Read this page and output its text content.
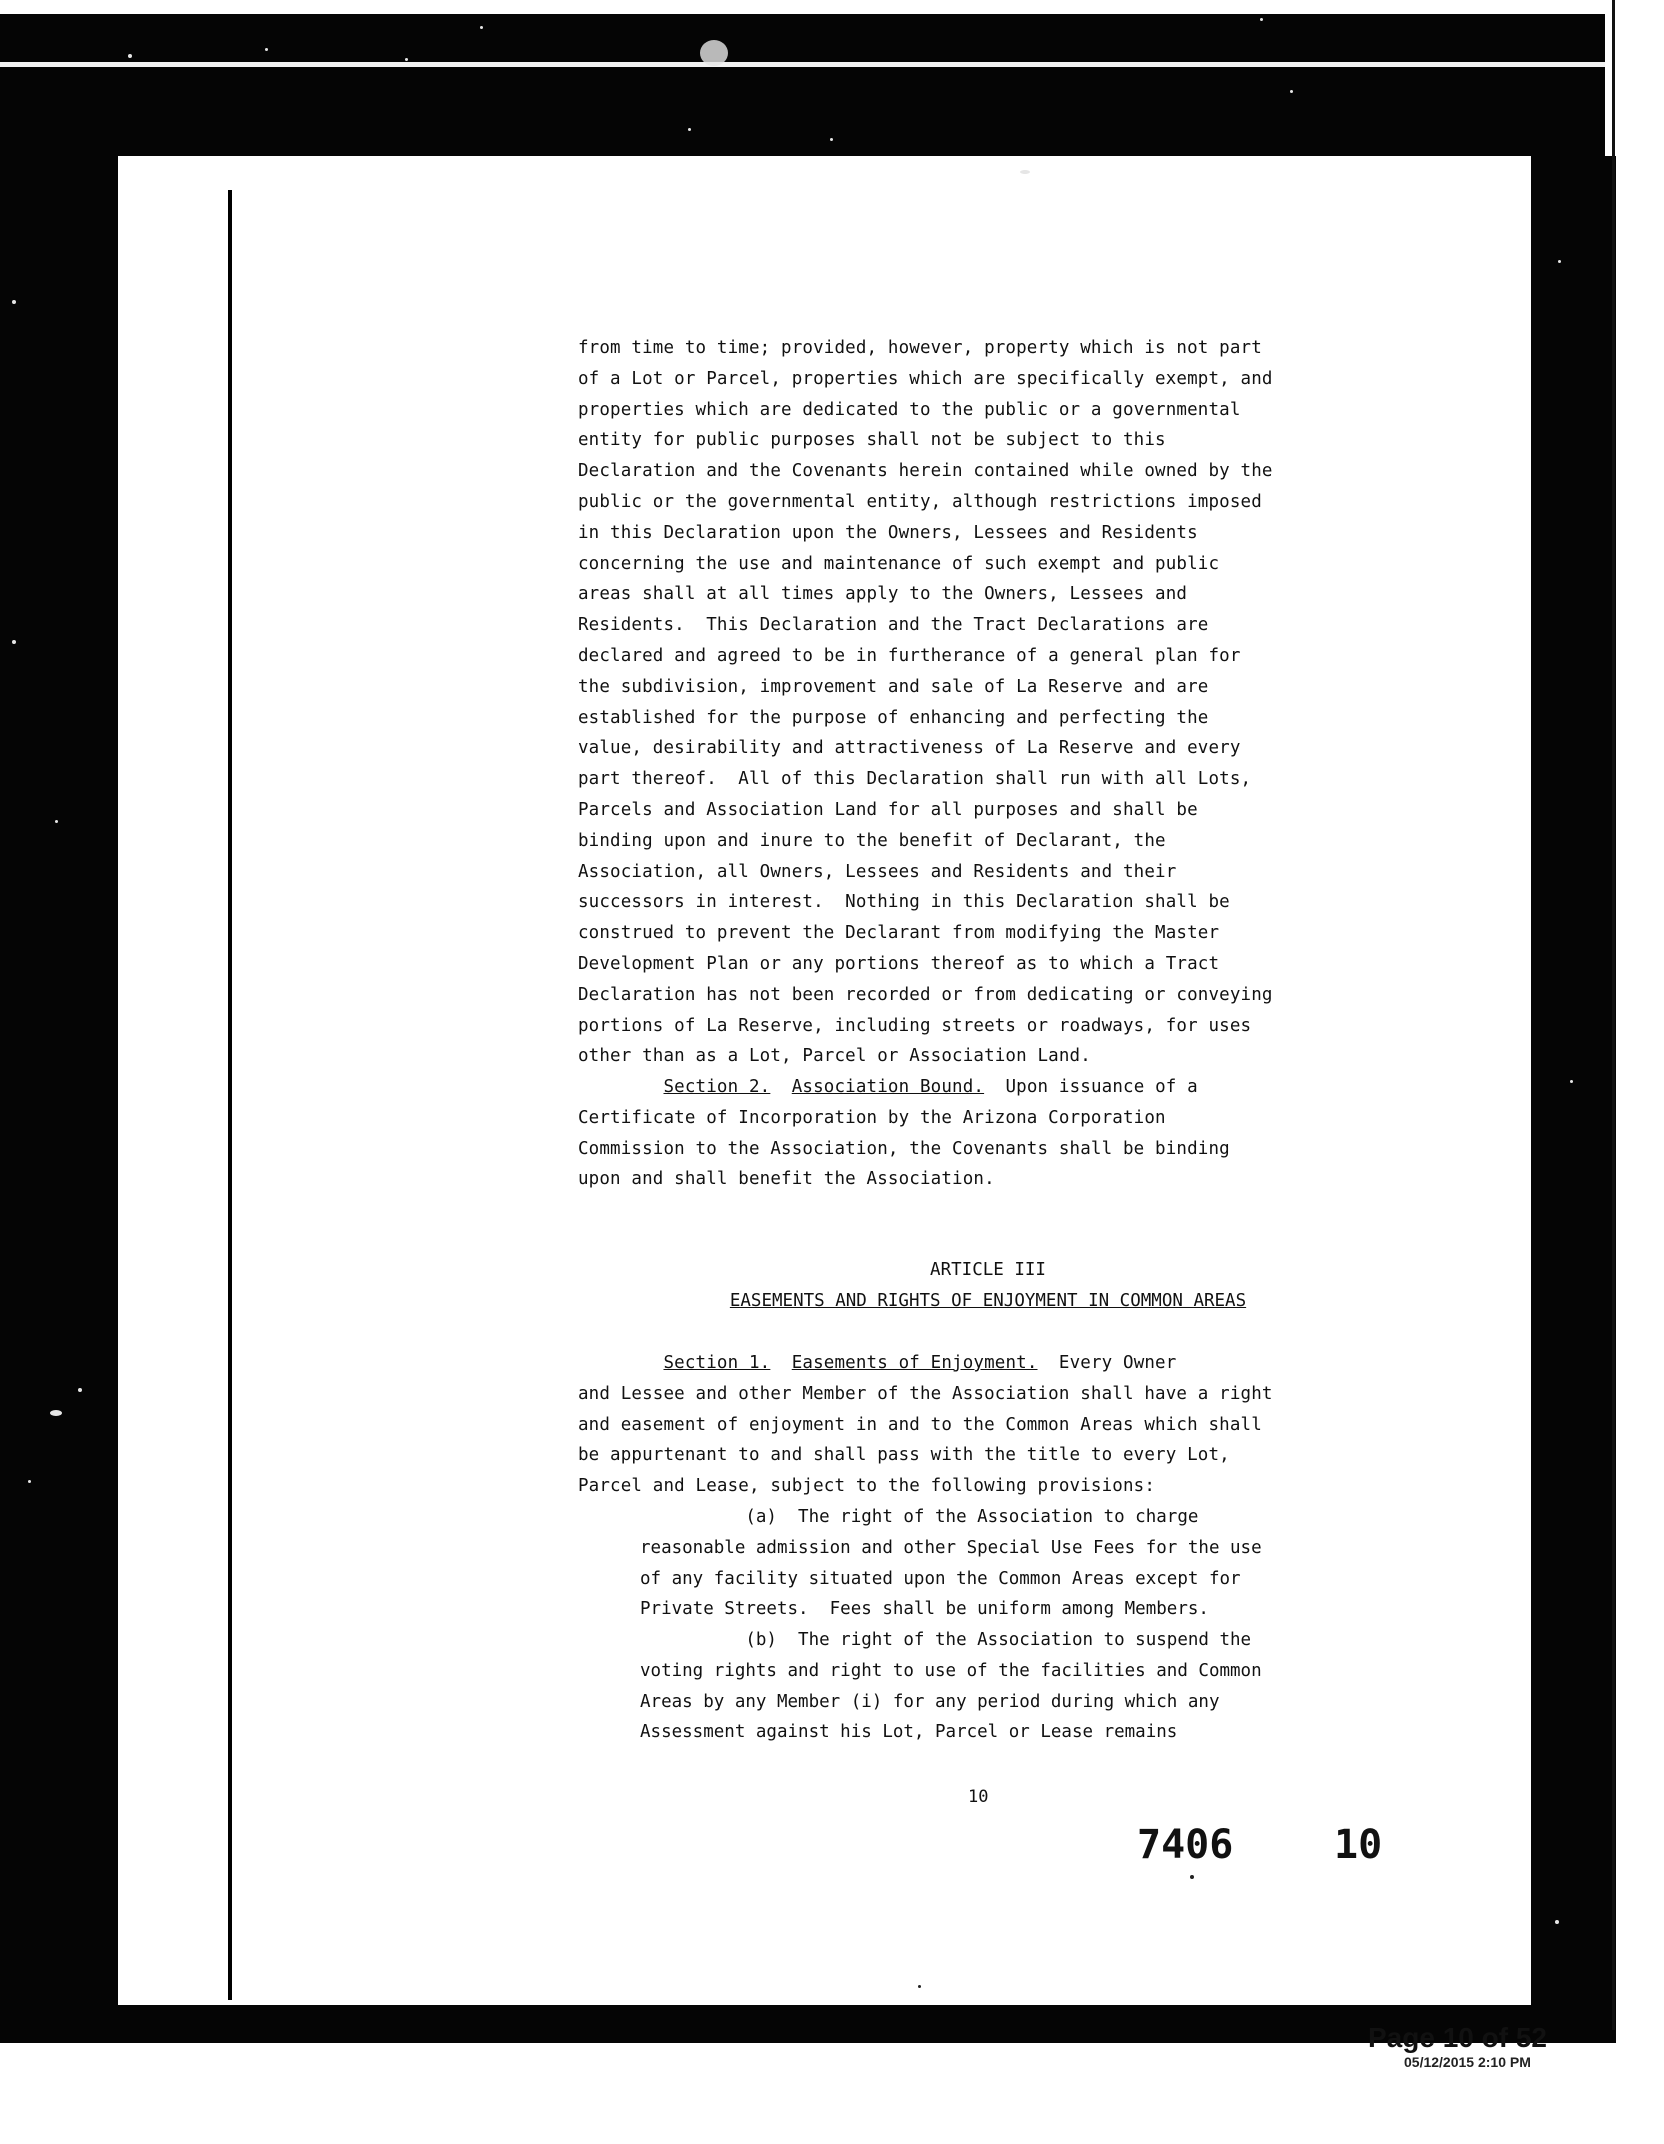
from time to time; provided, however, property which is not part
of a Lot or Parcel, properties which are specifically exempt, and
properties which are dedicated to the public or a governmental
entity for public purposes shall not be subject to this
Declaration and the Covenants herein contained while owned by the
public or the governmental entity, although restrictions imposed
in this Declaration upon the Owners, Lessees and Residents
concerning the use and maintenance of such exempt and public
areas shall at all times apply to the Owners, Lessees and
Residents.  This Declaration and the Tract Declarations are
declared and agreed to be in furtherance of a general plan for
the subdivision, improvement and sale of La Reserve and are
established for the purpose of enhancing and perfecting the
value, desirability and attractiveness of La Reserve and every
part thereof.  All of this Declaration shall run with all Lots,
Parcels and Association Land for all purposes and shall be
binding upon and inure to the benefit of Declarant, the
Association, all Owners, Lessees and Residents and their
successors in interest.  Nothing in this Declaration shall be
construed to prevent the Declarant from modifying the Master
Development Plan or any portions thereof as to which a Tract
Declaration has not been recorded or from dedicating or conveying
portions of La Reserve, including streets or roadways, for uses
other than as a Lot, Parcel or Association Land.
Section 2. Association Bound.  Upon issuance of a
Certificate of Incorporation by the Arizona Corporation
Commission to the Association, the Covenants shall be binding
upon and shall benefit the Association.
ARTICLE III
EASEMENTS AND RIGHTS OF ENJOYMENT IN COMMON AREAS
Section 1. Easements of Enjoyment.  Every Owner
and Lessee and other Member of the Association shall have a right
and easement of enjoyment in and to the Common Areas which shall
be appurtenant to and shall pass with the title to every Lot,
Parcel and Lease, subject to the following provisions:
(a)  The right of the Association to charge
reasonable admission and other Special Use Fees for the use
of any facility situated upon the Common Areas except for
Private Streets.  Fees shall be uniform among Members.
(b)  The right of the Association to suspend the
voting rights and right to use of the facilities and Common
Areas by any Member (i) for any period during which any
Assessment against his Lot, Parcel or Lease remains
10
7406	10
Page 10 of 52
05/12/2015 2:10 PM
